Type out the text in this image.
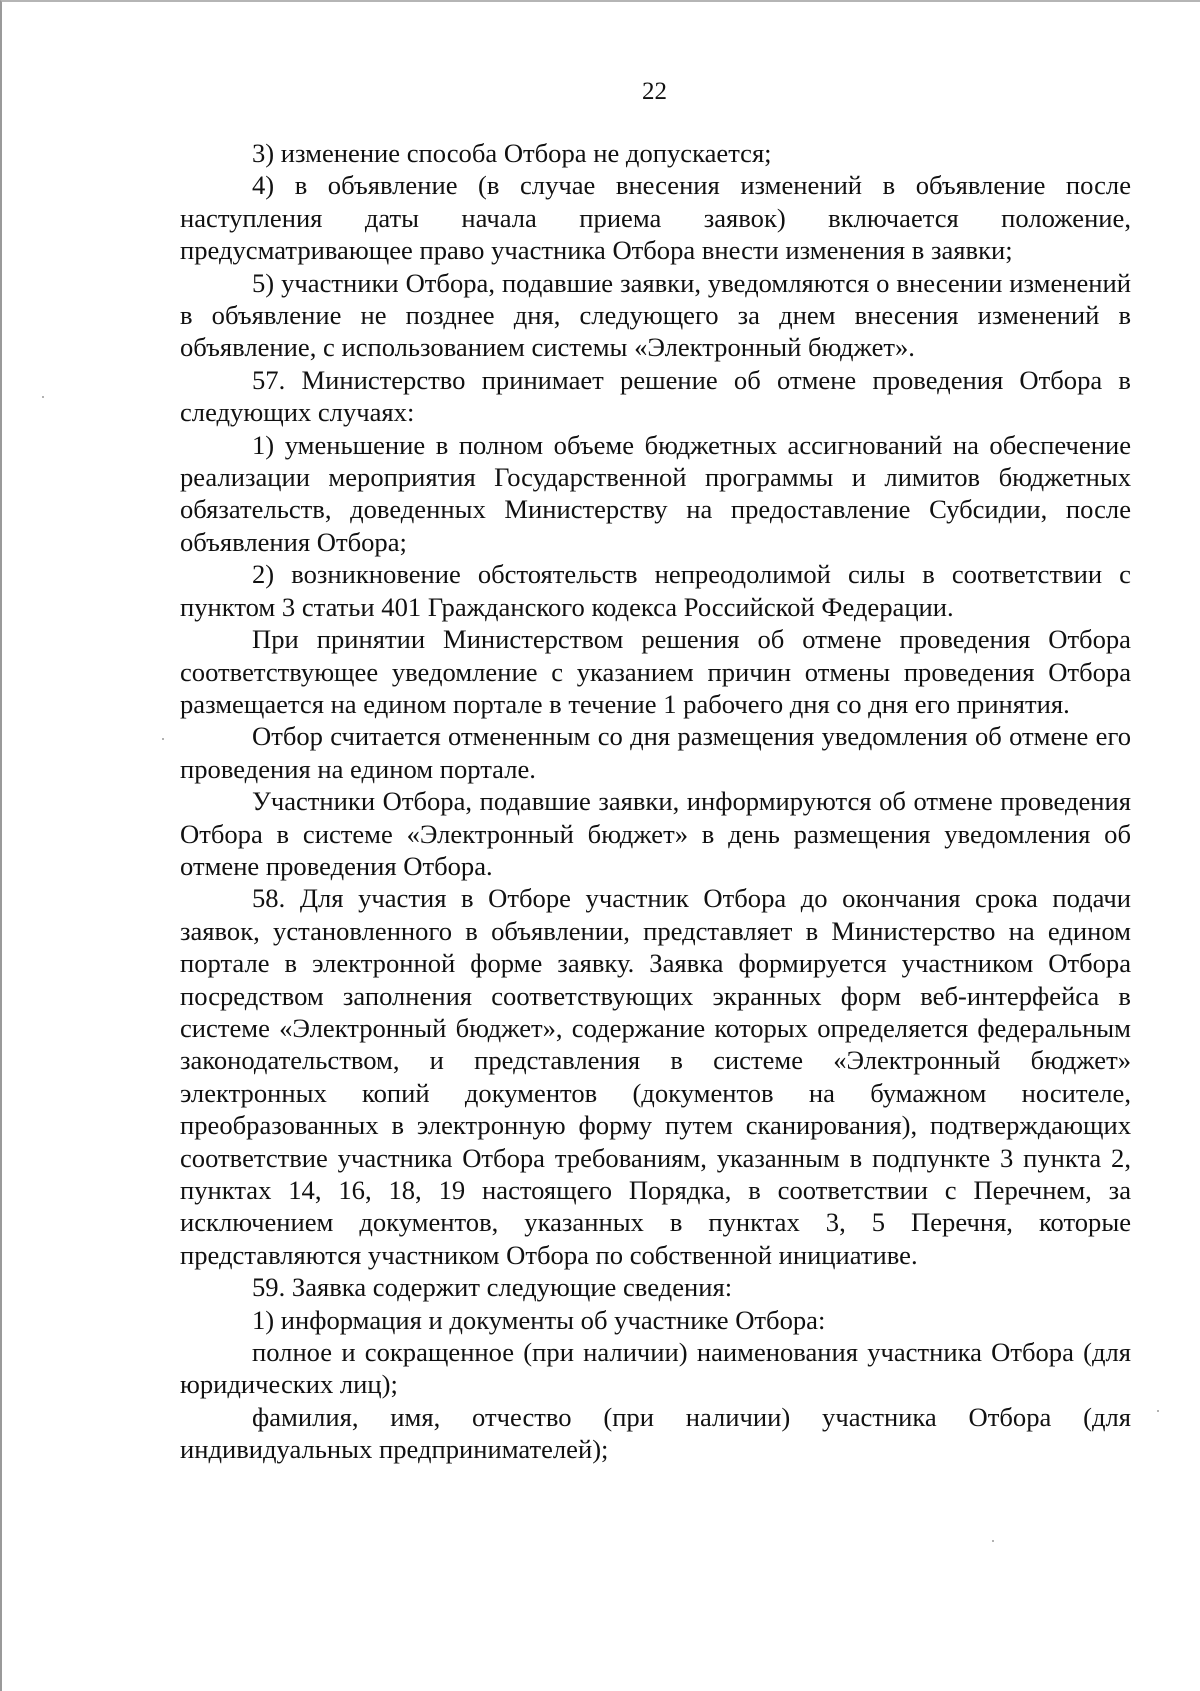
22

3) изменение способа Отбора не допускается;

4) в объявление (в случае внесения изменений в объявление после наступления даты начала приема заявок) включается положение, предусматривающее право участника Отбора внести изменения в заявки;

5) участники Отбора, подавшие заявки, уведомляются о внесении изменений в объявление не позднее дня, следующего за днем внесения изменений в объявление, с использованием системы «Электронный бюджет».

57. Министерство принимает решение об отмене проведения Отбора в следующих случаях:

1) уменьшение в полном объеме бюджетных ассигнований на обеспечение реализации мероприятия Государственной программы и лимитов бюджетных обязательств, доведенных Министерству на предоставление Субсидии, после объявления Отбора;

2) возникновение обстоятельств непреодолимой силы в соответствии с пунктом 3 статьи 401 Гражданского кодекса Российской Федерации.

При принятии Министерством решения об отмене проведения Отбора соответствующее уведомление с указанием причин отмены проведения Отбора размещается на едином портале в течение 1 рабочего дня со дня его принятия.

Отбор считается отмененным со дня размещения уведомления об отмене его проведения на едином портале.

Участники Отбора, подавшие заявки, информируются об отмене проведения Отбора в системе «Электронный бюджет» в день размещения уведомления об отмене проведения Отбора.

58. Для участия в Отборе участник Отбора до окончания срока подачи заявок, установленного в объявлении, представляет в Министерство на едином портале в электронной форме заявку. Заявка формируется участником Отбора посредством заполнения соответствующих экранных форм веб-интерфейса в системе «Электронный бюджет», содержание которых определяется федеральным законодательством, и представления в системе «Электронный бюджет» электронных копий документов (документов на бумажном носителе, преобразованных в электронную форму путем сканирования), подтверждающих соответствие участника Отбора требованиям, указанным в подпункте 3 пункта 2, пунктах 14, 16, 18, 19 настоящего Порядка, в соответствии с Перечнем, за исключением документов, указанных в пунктах 3, 5 Перечня, которые представляются участником Отбора по собственной инициативе.

59. Заявка содержит следующие сведения:

1) информация и документы об участнике Отбора:

полное и сокращенное (при наличии) наименования участника Отбора (для юридических лиц);

фамилия, имя, отчество (при наличии) участника Отбора (для индивидуальных предпринимателей);
